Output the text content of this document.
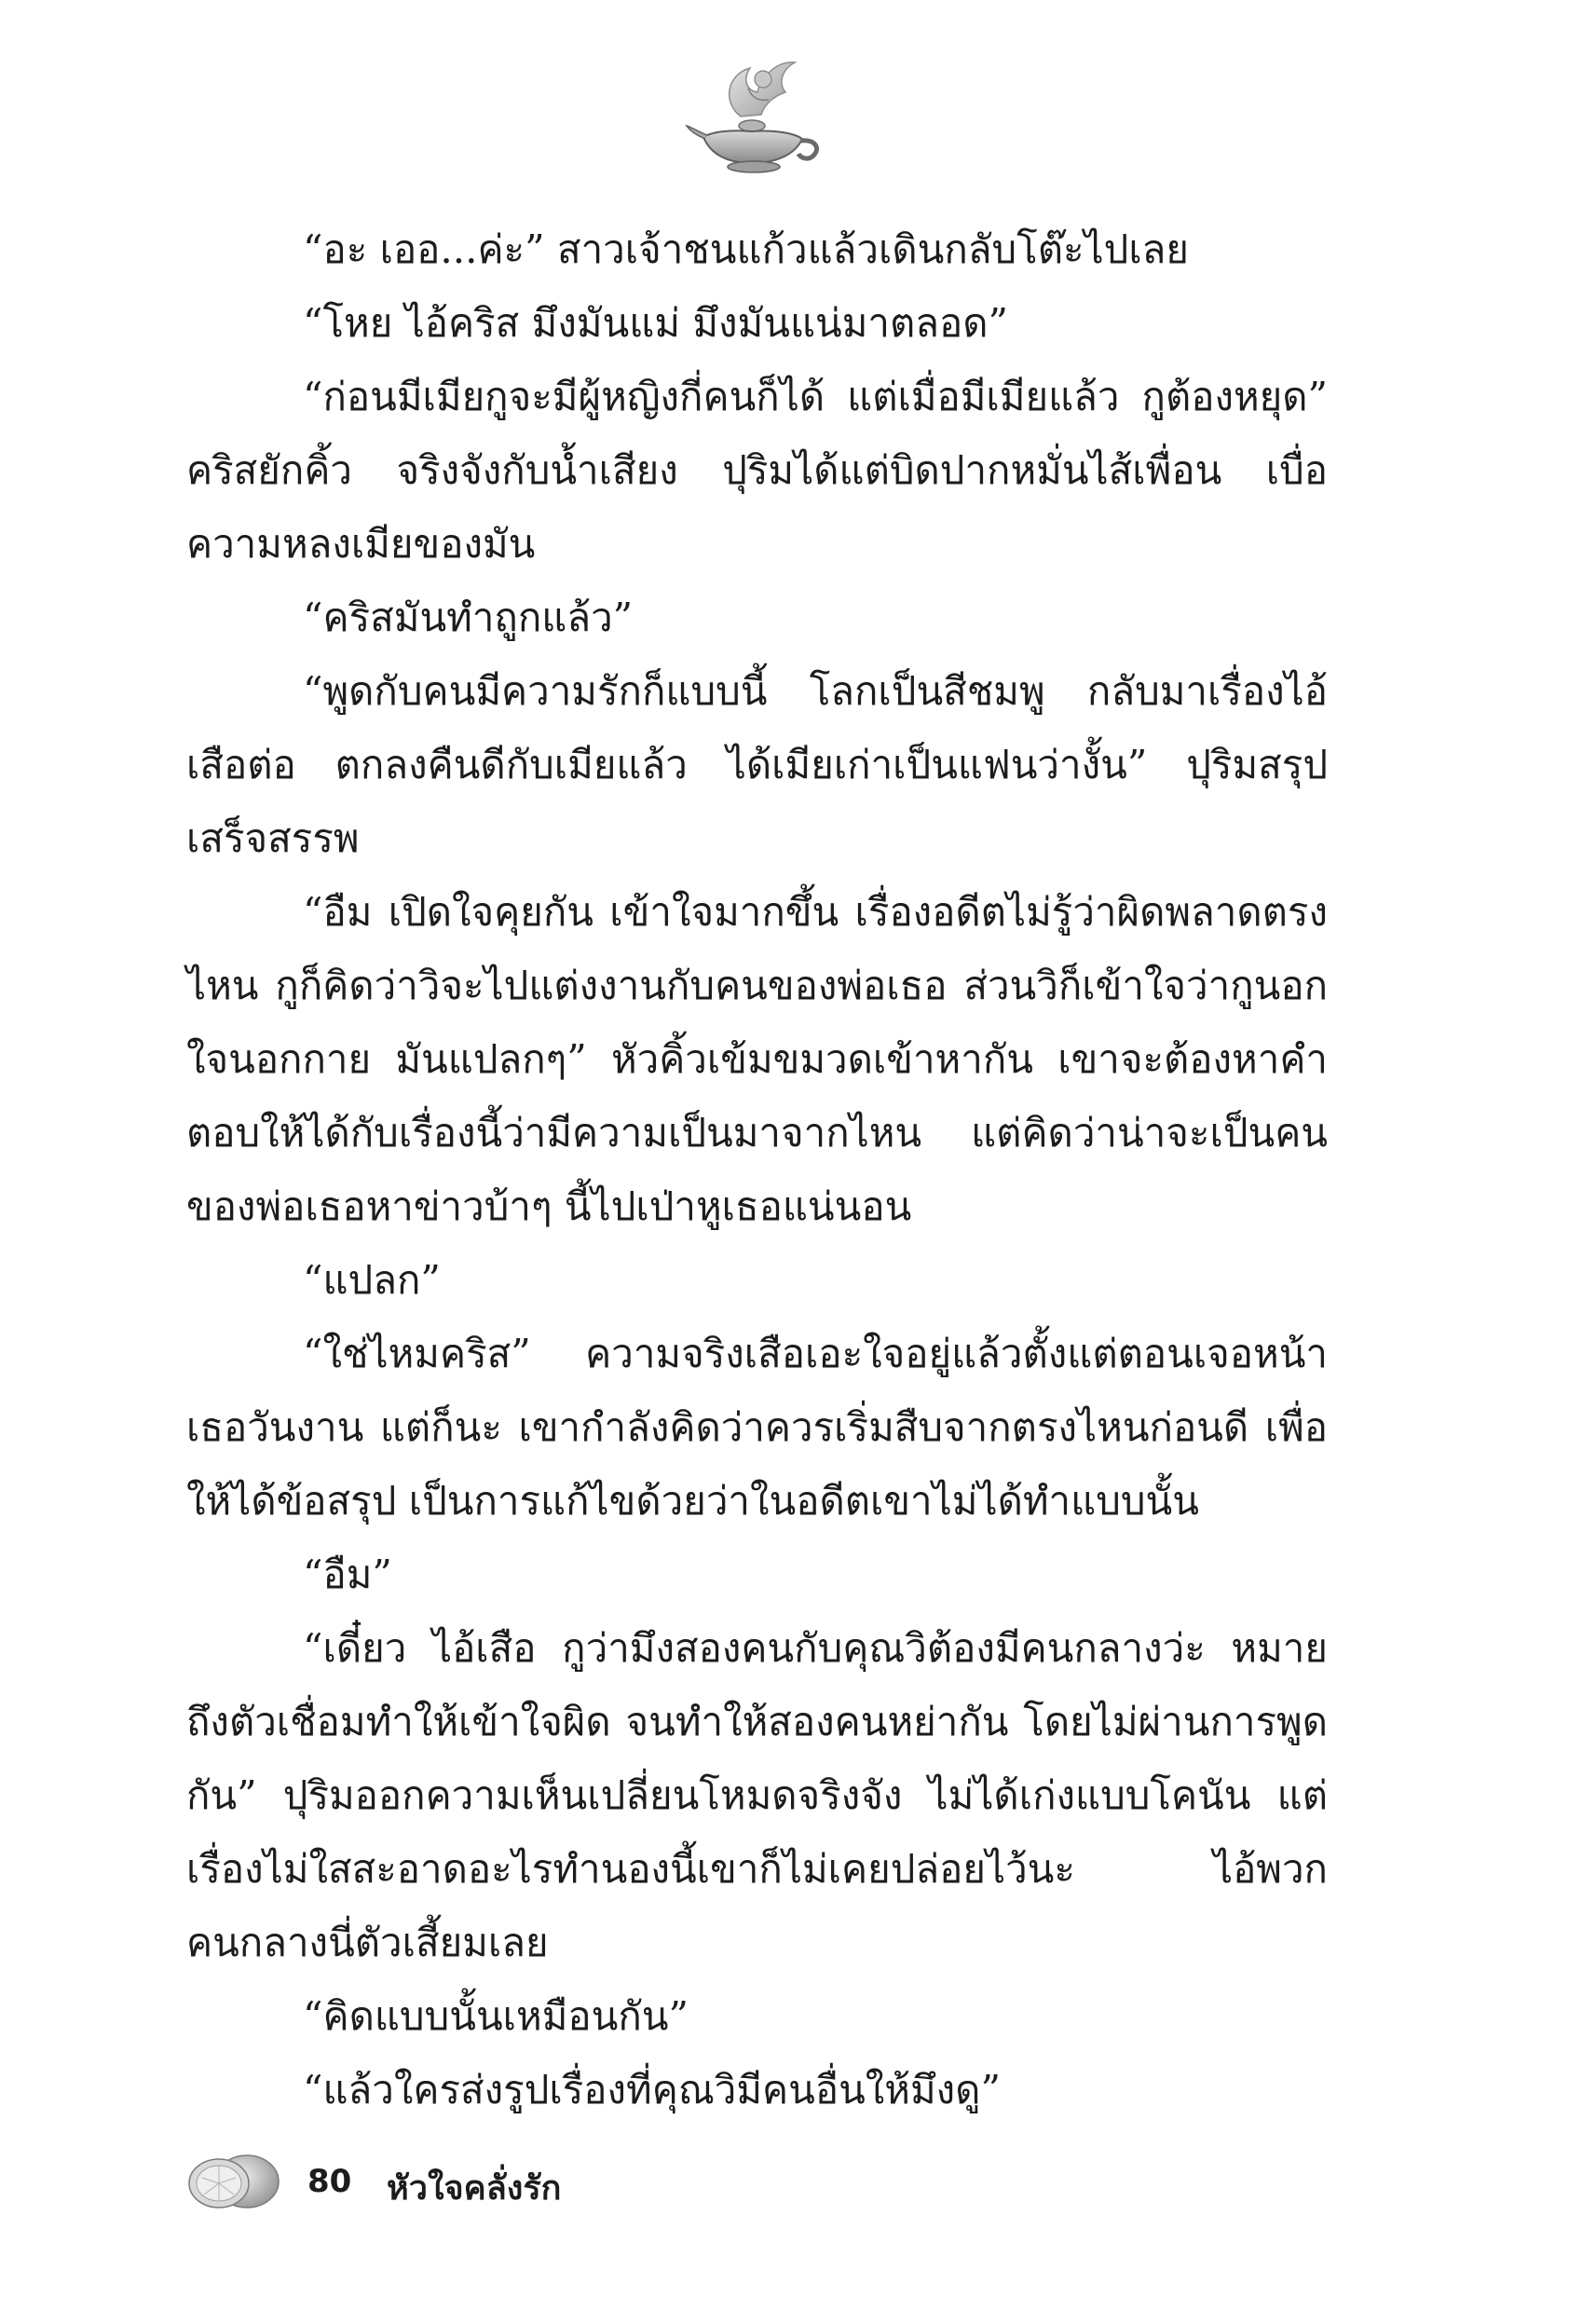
“อะ เออ...ค่ะ” สาวเจ้าชนแก้วแล้วเดินกลับโต๊ะไปเลย

“โหย ไอ้คริส มึงมันแม่ มึงมันแน่มาตลอด”

“ก่อนมีเมียกูจะมีผู้หญิงกี่คนก็ได้ แต่เมื่อมีเมียแล้ว กูต้องหยุด” คริสยักคิ้ว จริงจังกับน้ำเสียง ปุริมได้แต่บิดปากหมั่นไส้เพื่อน เบื่อความหลงเมียของมัน

“คริสมันทำถูกแล้ว”

“พูดกับคนมีความรักก็แบบนี้ โลกเป็นสีชมพู กลับมาเรื่องไอ้เสือต่อ ตกลงคืนดีกับเมียแล้ว ได้เมียเก่าเป็นแฟนว่างั้น” ปุริมสรุปเสร็จสรรพ

“อืม เปิดใจคุยกัน เข้าใจมากขึ้น เรื่องอดีตไม่รู้ว่าผิดพลาดตรงไหน กูก็คิดว่าวิจะไปแต่งงานกับคนของพ่อเธอ ส่วนวิก็เข้าใจว่ากูนอกใจนอกกาย มันแปลกๆ” หัวคิ้วเข้มขมวดเข้าหากัน เขาจะต้องหาคำตอบให้ได้กับเรื่องนี้ว่ามีความเป็นมาจากไหน แต่คิดว่าน่าจะเป็นคนของพ่อเธอหาข่าวบ้าๆ นี้ไปเป่าหูเธอแน่นอน

“แปลก”

“ใช่ไหมคริส” ความจริงเสือเอะใจอยู่แล้วตั้งแต่ตอนเจอหน้าเธอวันงาน แต่ก็นะ เขากำลังคิดว่าควรเริ่มสืบจากตรงไหนก่อนดี เพื่อให้ได้ข้อสรุป เป็นการแก้ไขด้วยว่าในอดีตเขาไม่ได้ทำแบบนั้น

“อืม”

“เดี๋ยว ไอ้เสือ กูว่ามึงสองคนกับคุณวิต้องมีคนกลางว่ะ หมายถึงตัวเชื่อมทำให้เข้าใจผิด จนทำให้สองคนหย่ากัน โดยไม่ผ่านการพูดกัน” ปุริมออกความเห็นเปลี่ยนโหมดจริงจัง ไม่ได้เก่งแบบโคนัน แต่เรื่องไม่ใสสะอาดอะไรทำนองนี้เขาก็ไม่เคยปล่อยไว้นะ ไอ้พวกคนกลางนี่ตัวเสี้ยมเลย

“คิดแบบนั้นเหมือนกัน”

“แล้วใครส่งรูปเรื่องที่คุณวิมีคนอื่นให้มึงดู”

80 หัวใจคลั่งรัก
